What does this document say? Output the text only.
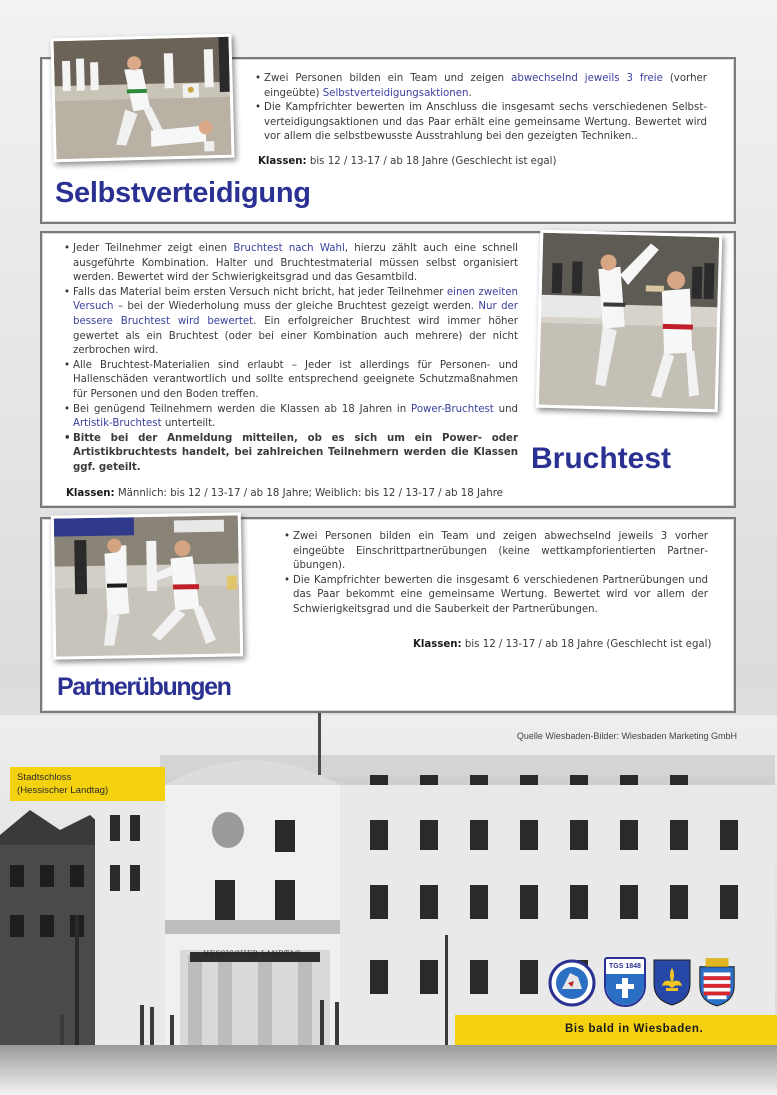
• Zwei Personen bilden ein Team und zeigen abwechselnd jeweils 3 freie (vorher eingeübte) Selbstverteidigungsaktionen.
• Die Kampfrichter bewerten im Anschluss die insgesamt sechs verschiedenen Selbstverteidigungsaktionen und das Paar erhält eine gemeinsame Wertung. Bewertet wird vor allem die selbstbewusste Ausstrahlung bei den gezeigten Techniken..
Klassen: bis 12 / 13-17 / ab 18 Jahre (Geschlecht ist egal)
Selbstverteidigung
• Jeder Teilnehmer zeigt einen Bruchtest nach Wahl, hierzu zählt auch eine schnell ausgeführte Kombination. Halter und Bruchtestmaterial müssen selbst organisiert werden. Bewertet wird der Schwierigkeitsgrad und das Gesamtbild.
• Falls das Material beim ersten Versuch nicht bricht, hat jeder Teilnehmer einen zweiten Versuch – bei der Wiederholung muss der gleiche Bruchtest gezeigt werden. Nur der bessere Bruchtest wird bewertet. Ein erfolgreicher Bruchtest wird immer höher gewertet als ein Bruchtest (oder bei einer Kombination auch mehrere) der nicht zerbrochen wird.
• Alle Bruchtest-Materialien sind erlaubt – Jeder ist allerdings für Personen- und Hallenschäden verantwortlich und sollte entsprechend geeignete Schutzmaßnahmen für Personen und den Boden treffen.
• Bei genügend Teilnehmern werden die Klassen ab 18 Jahren in Power-Bruchtest und Artistik-Bruchtest unterteilt.
• Bitte bei der Anmeldung mitteilen, ob es sich um ein Power- oder Artistikbruchtests handelt, bei zahlreichen Teilnehmern werden die Klassen ggf. geteilt.
Klassen: Männlich: bis 12 / 13-17 / ab 18 Jahre; Weiblich: bis 12 / 13-17 / ab 18 Jahre
Bruchtest
• Zwei Personen bilden ein Team und zeigen abwechselnd jeweils 3 vorher eingeübte Einschrittpartnerübungen (keine wettkampforientierten Partnerübungen).
• Die Kampfrichter bewerten die insgesamt 6 verschiedenen Partnerübungen und das Paar bekommt eine gemeinsame Wertung. Bewertet wird vor allem der Schwierigkeitsgrad und die Sauberkeit der Partnerübungen.
Klassen: bis 12 / 13-17 / ab 18 Jahre (Geschlecht ist egal)
Partnerübungen
Quelle Wiesbaden-Bilder: Wiesbaden Marketing GmbH
Stadtschloss
(Hessischer Landtag)
HESSISCHER LANDTAG
TGS 1848
Bis bald in Wiesbaden.
